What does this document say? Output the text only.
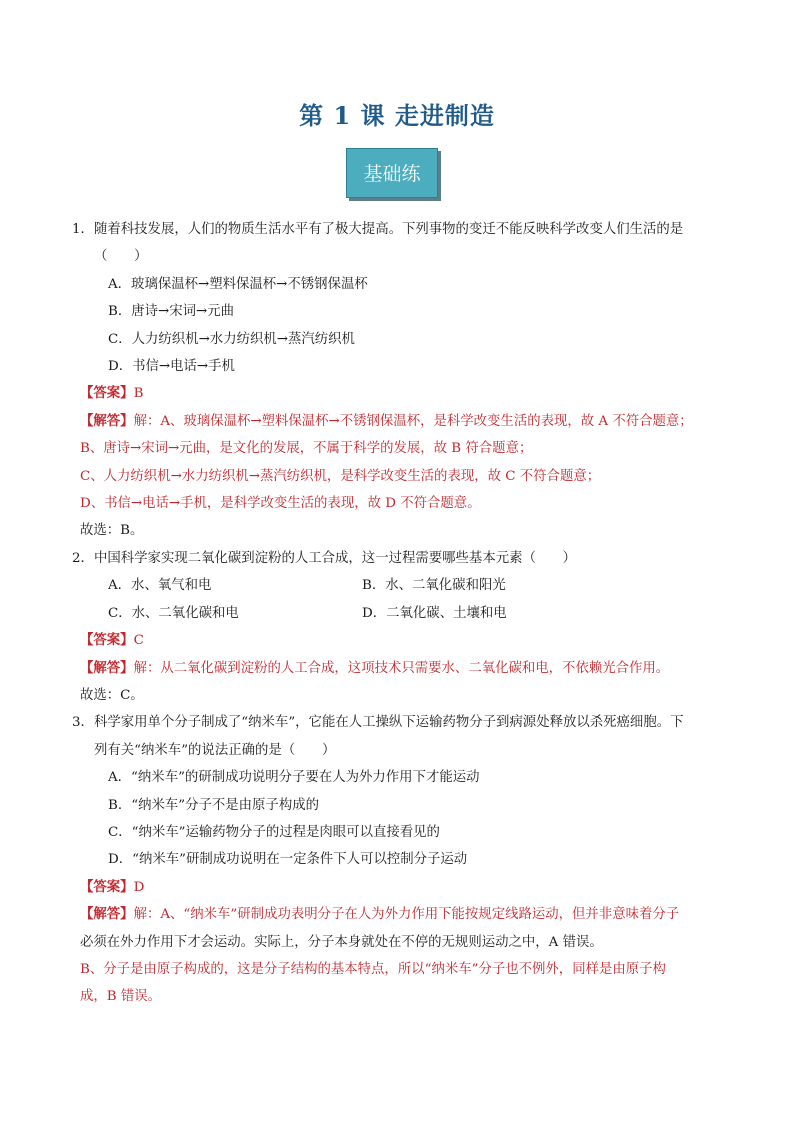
第 1 课 走进制造
基础练
1． 随着科技发展，人们的物质生活水平有了极大提高。下列事物的变迁不能反映科学改变人们生活的是
（　　）
A．玻璃保温杯→塑料保温杯→不锈钢保温杯
B．唐诗→宋词→元曲
C．人力纺织机→水力纺织机→蒸汽纺织机
D．书信→电话→手机
【答案】B
【解答】解：A、玻璃保温杯→塑料保温杯→不锈钢保温杯，是科学改变生活的表现，故 A 不符合题意；
B、唐诗→宋词→元曲，是文化的发展，不属于科学的发展，故 B 符合题意；
C、人力纺织机→水力纺织机→蒸汽纺织机，是科学改变生活的表现，故 C 不符合题意；
D、书信→电话→手机，是科学改变生活的表现，故 D 不符合题意。
故选：B。
2． 中国科学家实现二氧化碳到淀粉的人工合成，这一过程需要哪些基本元素（　　）
A．水、氧气和电	B．水、二氧化碳和阳光
C．水、二氧化碳和电	D．二氧化碳、土壤和电
【答案】C
【解答】解：从二氧化碳到淀粉的人工合成，这项技术只需要水、二氧化碳和电，不依赖光合作用。
故选：C。
3． 科学家用单个分子制成了“纳米车”，它能在人工操纵下运输药物分子到病源处释放以杀死癌细胞。下
列有关“纳米车”的说法正确的是（　　）
A．“纳米车”的研制成功说明分子要在人为外力作用下才能运动
B．“纳米车”分子不是由原子构成的
C．“纳米车”运输药物分子的过程是肉眼可以直接看见的
D．“纳米车”研制成功说明在一定条件下人可以控制分子运动
【答案】D
【解答】解：A、“纳米车”研制成功表明分子在人为外力作用下能按规定线路运动，但并非意味着分子
必须在外力作用下才会运动。实际上，分子本身就处在不停的无规则运动之中，A 错误。
B、分子是由原子构成的，这是分子结构的基本特点，所以“纳米车”分子也不例外，同样是由原子构
成，B 错误。
